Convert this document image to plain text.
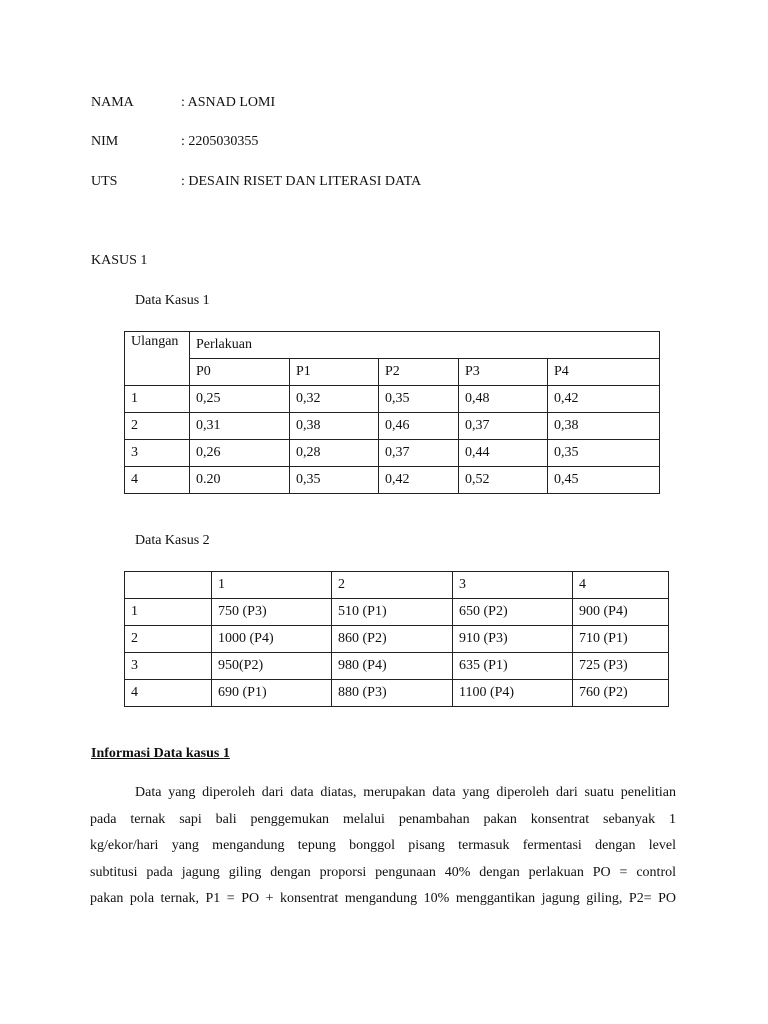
NAMA	: ASNAD LOMI
NIM	: 2205030355
UTS	: DESAIN RISET DAN LITERASI DATA
KASUS 1
Data Kasus 1
Ulangan	Perlakuan				
	P0	P1	P2	P3	P4
1	0,25	0,32	0,35	0,48	0,42
2	0,31	0,38	0,46	0,37	0,38
3	0,26	0,28	0,37	0,44	0,35
4	0.20	0,35	0,42	0,52	0,45
Data Kasus 2
	1	2	3	4
1	750 (P3)	510 (P1)	650 (P2)	900 (P4)
2	1000 (P4)	860 (P2)	910 (P3)	710 (P1)
3	950(P2)	980 (P4)	635 (P1)	725 (P3)
4	690 (P1)	880 (P3)	1100 (P4)	760 (P2)
Informasi Data kasus 1
Data yang diperoleh dari data diatas, merupakan data yang diperoleh dari suatu penelitian
pada ternak sapi bali penggemukan melalui penambahan pakan konsentrat sebanyak 1
kg/ekor/hari yang mengandung tepung bonggol pisang termasuk fermentasi dengan level
subtitusi pada jagung giling dengan proporsi pengunaan 40% dengan perlakuan PO = control
pakan pola ternak, P1 = PO + konsentrat mengandung 10% menggantikan jagung giling, P2= PO
